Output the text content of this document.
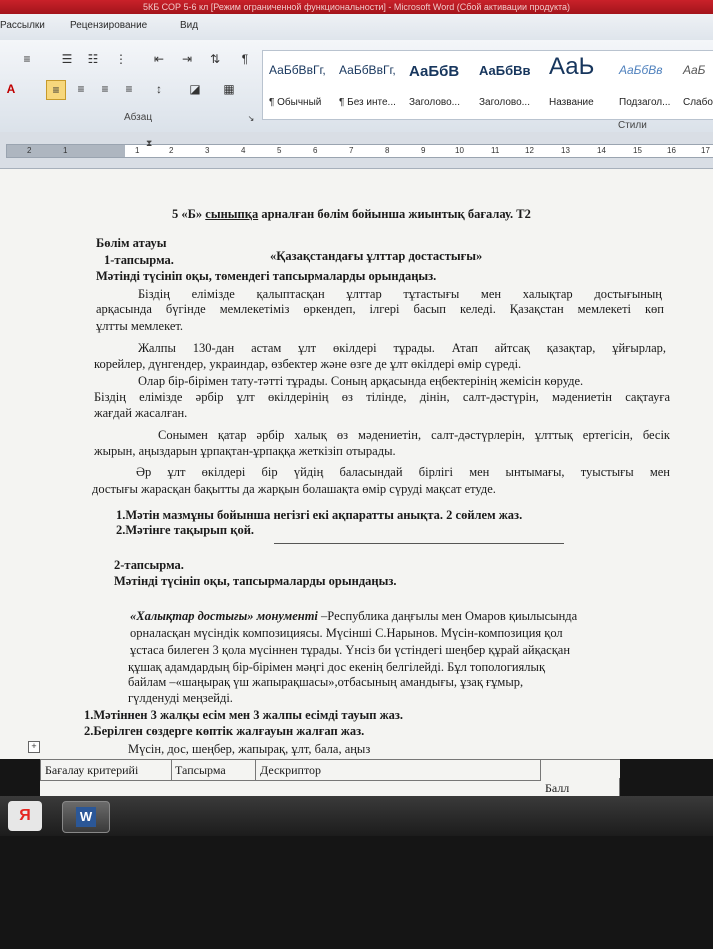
5КБ СОР 5-6 кл [Режим ограниченной функциональности] - Microsoft Word (Сбой активации продукта)
Рассылки	Рецензирование	Вид
≡	☰	☷	⋮	⇤	⇥	⇅	¶
A	≡	≡	≡	≡	↕	◪ ▦
Абзац	↘
АаБбВвГг,
¶ Обычный
АаБбВвГг,
¶ Без инте...
АаБбВ
Заголово...
АаБбВв
Заголово...
АаЬ
Название
АаБбВв
Подзагол...
АаБ
Слабо
Стили
2	1	1	2	3	4	5	6	7	8	9	10	11	12	13	14	15	16	17
⧗
5 «Б» сыныпқа арналған бөлім бойынша жиынтық бағалау. Т2
Бөлім атауы
«Қазақстандағы ұлттар достастығы»
1-тапсырма.
Мәтінді түсініп оқы, төмендегі тапсырмаларды орындаңыз.
Біздің елімізде қалыптасқан ұлттар тұтастығы мен халықтар достығының
арқасында бүгінде мемлекетіміз өркендеп, ілгері басып келеді. Қазақстан мемлекеті көп
ұлтты мемлекет.
Жалпы 130-дан астам ұлт өкілдері тұрады. Атап айтсақ қазақтар, ұйғырлар,
корейлер, дүнгендер, украиндар, өзбектер және өзге де ұлт өкілдері өмір сүреді.
Олар бір-бірімен тату-тәтті тұрады. Соның арқасында еңбектерінің жемісін көруде.
Біздің елімізде әрбір ұлт өкілдерінің өз тілінде, дінін, салт-дәстүрін, мәдениетін сақтауға
жағдай жасалған.
Сонымен қатар әрбір халық өз мәдениетін, салт-дәстүрлерін, ұлттық ертегісін, бесік
жырын, аңыздарын ұрпақтан-ұрпаққа жеткізіп отырады.
Әр ұлт өкілдері бір үйдің баласындай бірлігі мен ынтымағы, туыстығы мен
достығы жарасқан бақытты да жарқын болашақта өмір сүруді мақсат етуде.
1.Мәтін мазмұны бойынша негізгі екі ақпаратты анықта. 2 сөйлем жаз.
2.Мәтінге тақырып қой.
2-тапсырма.
Мәтінді түсініп оқы, тапсырмаларды орындаңыз.
«Халықтар достығы» монументі –Республика даңғылы мен Омаров қиылысында
орналасқан мүсіндік композициясы. Мүсінші С.Нарынов. Мүсін-композиция қол
ұстаса билеген 3 қола мүсіннен тұрады. Үнсіз би үстіндегі шеңбер құрай айқасқан
құшақ адамдардың бір-бірімен мәңгі дос екенің белгілейді. Бұл топологиялық
байлам –«шаңырақ үш жапырақшасы»,отбасының амандығы, ұзақ ғұмыр,
гүлденуді меңзейді.
1.Мәтіннен 3 жалқы есім мен 3 жалпы есімді тауып жаз.
2.Берілген сөздерге көптік жалғауын жалғап жаз.
Мүсін, дос, шеңбер, жапырақ, ұлт, бала, аңыз
+
Бағалау критерийі	Тапсырма	Дескриптор
Балл
Я	W
